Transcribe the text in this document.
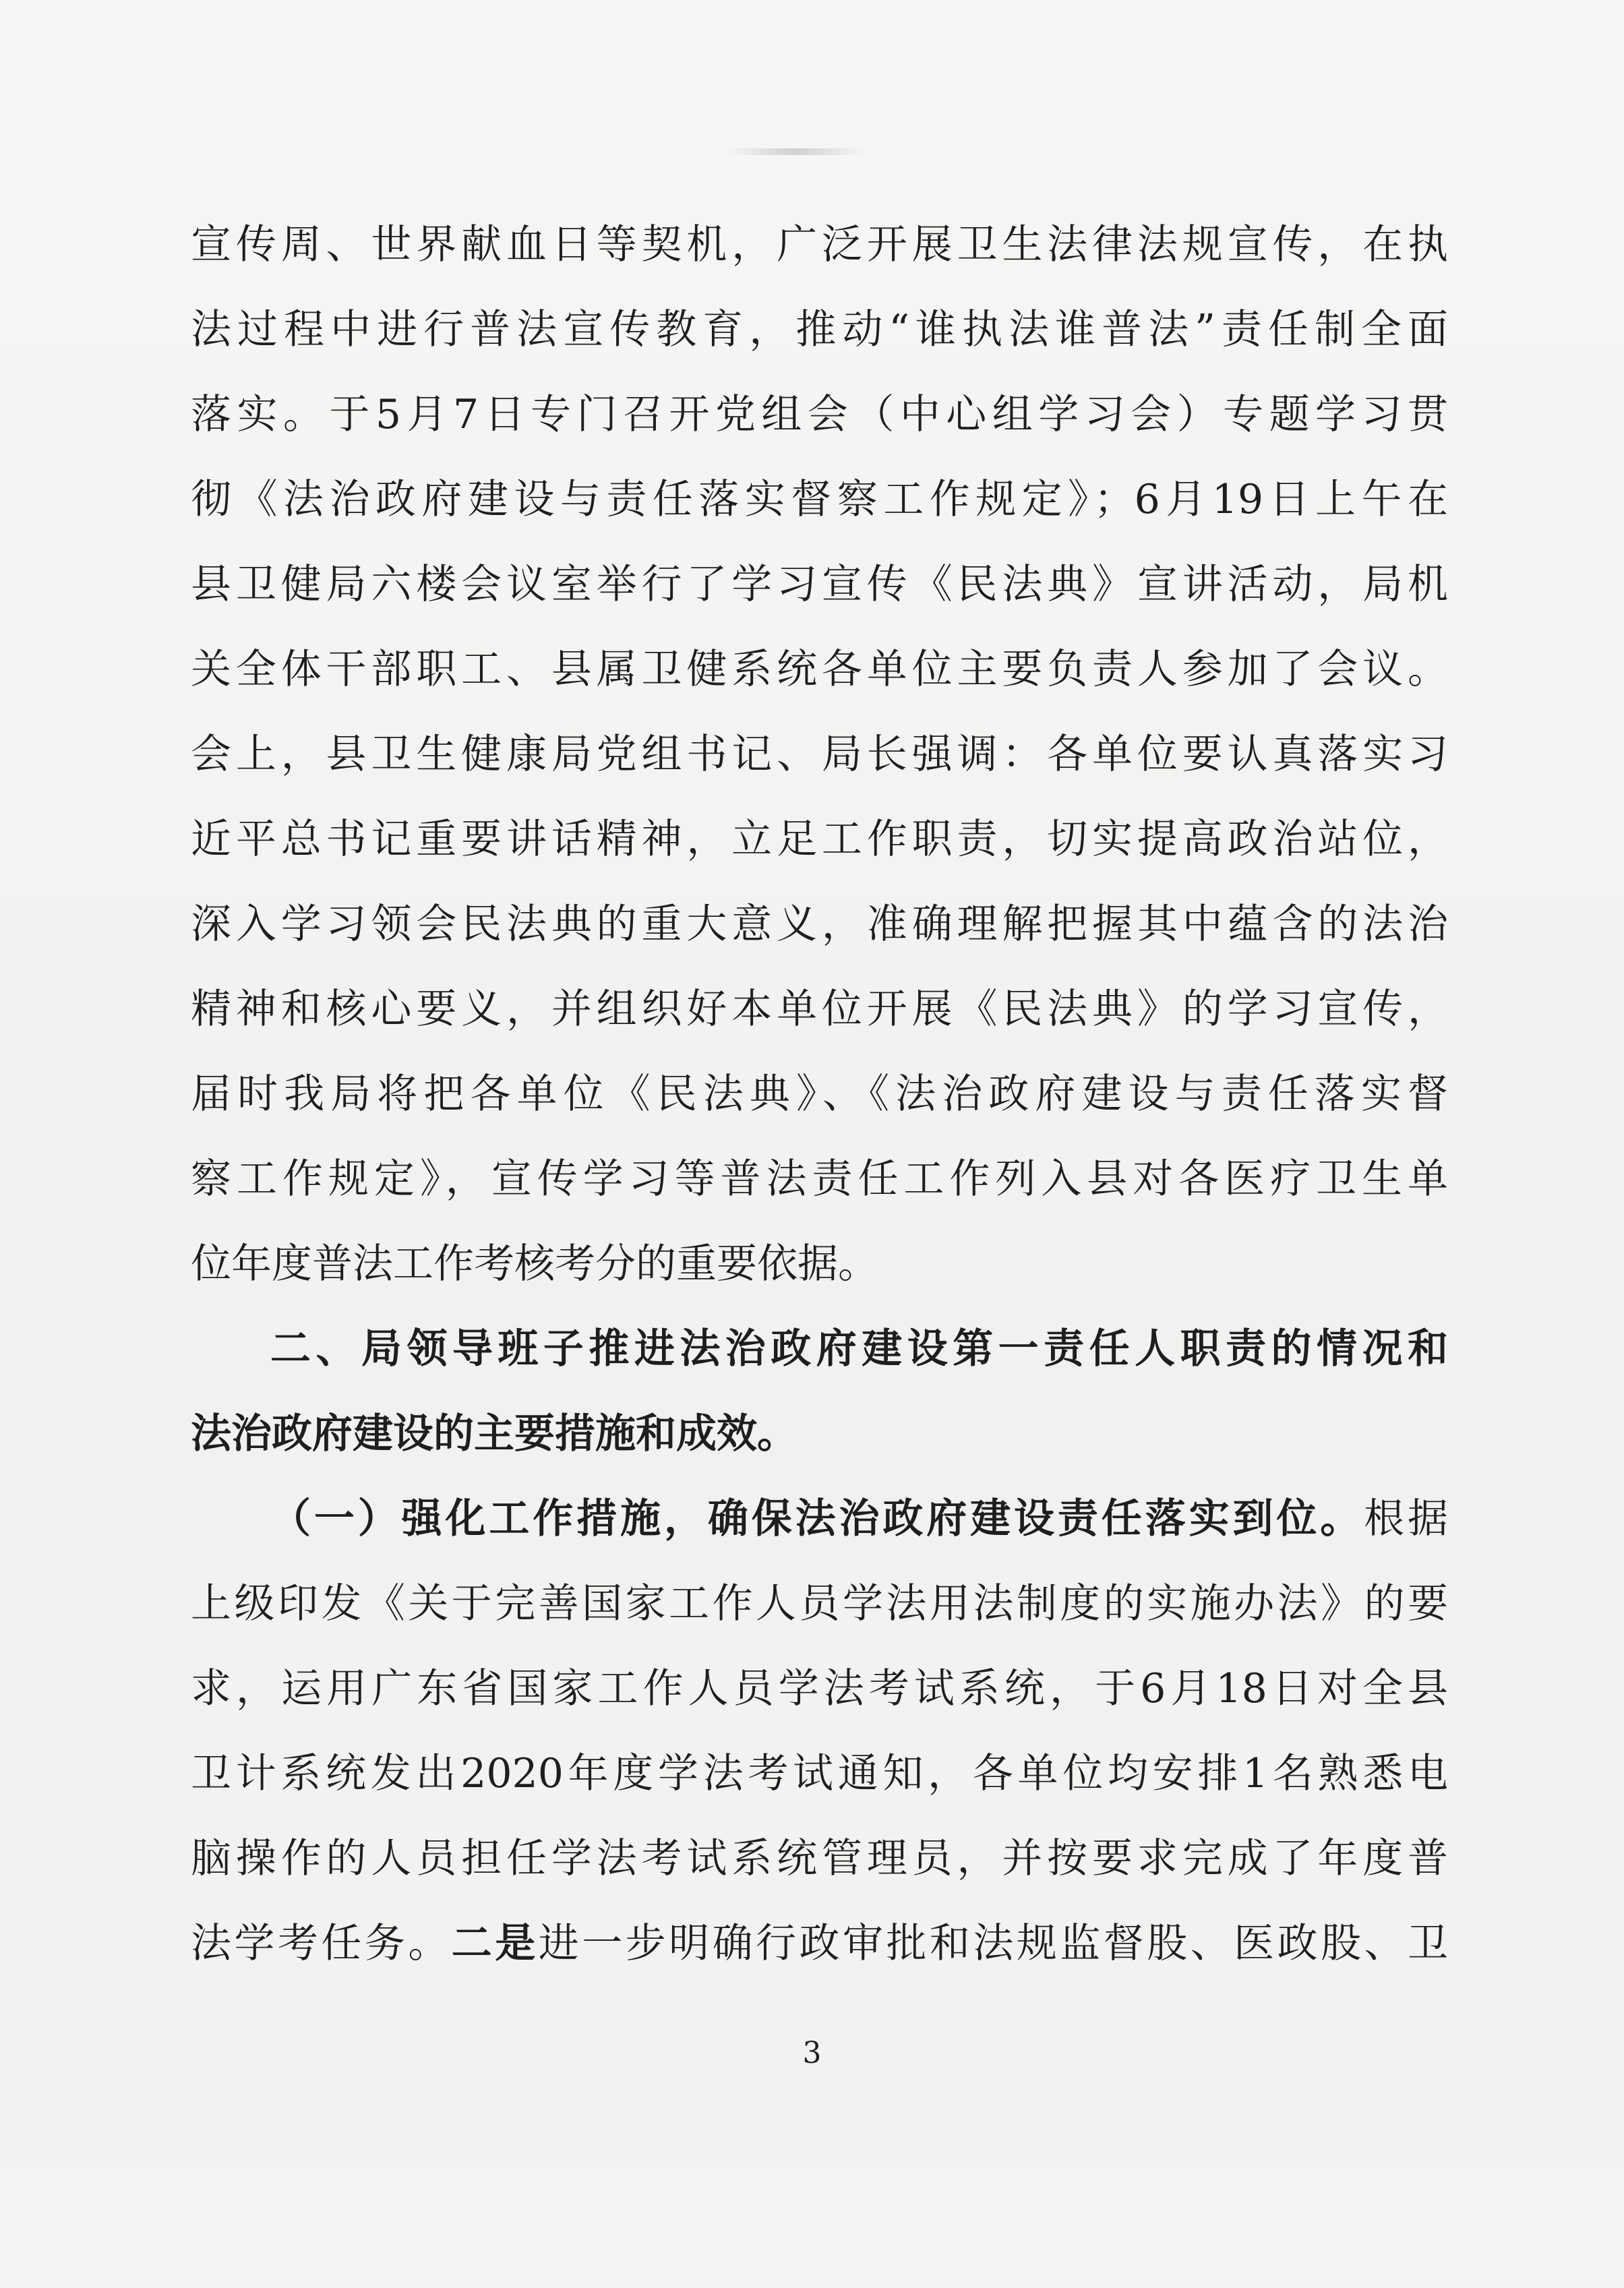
宣传周、世界献血日等契机，广泛开展卫生法律法规宣传，在执
法过程中进行普法宣传教育，推动“谁执法谁普法”责任制全面
落实。于5月7日专门召开党组会（中心组学习会）专题学习贯
彻《法治政府建设与责任落实督察工作规定》；6月19日上午在
县卫健局六楼会议室举行了学习宣传《民法典》宣讲活动，局机
关全体干部职工、县属卫健系统各单位主要负责人参加了会议。
会上，县卫生健康局党组书记、局长强调：各单位要认真落实习
近平总书记重要讲话精神，立足工作职责，切实提高政治站位，
深入学习领会民法典的重大意义，准确理解把握其中蕴含的法治
精神和核心要义，并组织好本单位开展《民法典》的学习宣传，
届时我局将把各单位《民法典》、《法治政府建设与责任落实督
察工作规定》，宣传学习等普法责任工作列入县对各医疗卫生单
位年度普法工作考核考分的重要依据。
二、局领导班子推进法治政府建设第一责任人职责的情况和
法治政府建设的主要措施和成效。
（一）强化工作措施，确保法治政府建设责任落实到位。根据
上级印发《关于完善国家工作人员学法用法制度的实施办法》的要
求，运用广东省国家工作人员学法考试系统，于6月18日对全县
卫计系统发出2020年度学法考试通知，各单位均安排1名熟悉电
脑操作的人员担任学法考试系统管理员，并按要求完成了年度普
法学考任务。二是进一步明确行政审批和法规监督股、医政股、卫
3
